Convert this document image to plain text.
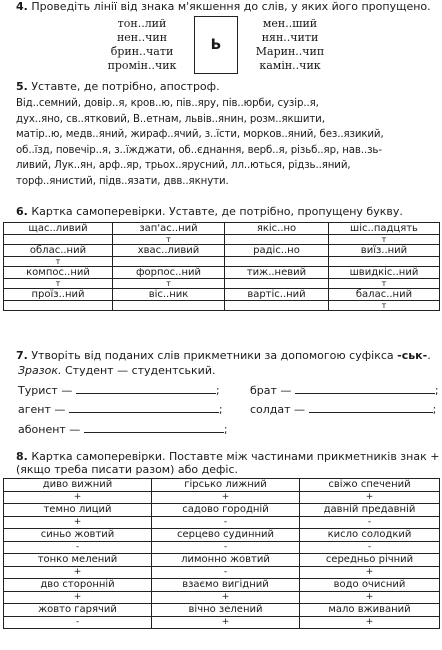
4. Проведіть лінії від знака м'якшення до слів, у яких його пропущено.
тон..лий
нен..чин
брин..чати
промін..чик
Ь
мен..ший
нян..чити
Марин..чип
камін..чик
5. Уставте, де потрібно, апостроф.
Від..семний, довір..я, кров..ю, пів..яру, пів..юрби, сузір..я,
дух..яно, св..ятковий, В..етнам, львів..янин, розм..якшити,
матір..ю, медв..яний, жираф..ячий, з..їсти, морков..яний, без..язикий,
об..їзд, повечір..я, з..їжджати, об..єднання, верб..я, різьб..яр, нав..зь-
ливий, Лук..ян, арф..яр, трьох..ярусний, лл..ються, рідзь..яний,
торф..янистий, підв..язати, двв..якнути.
6. Картка самоперевірки. Уставте, де потрібно, пропущену букву.
щас..ливий	зап'ас..ний	якіс..но	шіс..падцять
	т		т
облас..ний	хвас..ливий	радіс..но	виїз..ний
т			
компос..ний	форпос..ний	тиж..невий	швидкіс..ний
т	т		т
проїз..ний	віс..ник	вартіс..ний	балас..ний
			т
7. Утворіть від поданих слів прикметники за допомогою суфікса -ськ-.
Зразок. Студент — студентський.
Турист —	;	брат —	;
агент —	; солдат —	;
абонент —	;
8. Картка самоперевірки. Поставте між частинами прикметників знак + (якщо треба писати разом) або дефіс.
диво вижний	гірсько лижний	свіжо спечений
+	+	+
темно лиций	садово городній	давній предавній
+	-	-
синьо жовтий	серцево судинний	кисло солодкий
-	-	-
тонко мелений	лимонно жовтий	середньо річний
+	-	+
дво сторонній	взаємо вигідний	водо очисний
+	+	+
жовто гарячий	вічно зелений	мало вживаний
-	+	+
